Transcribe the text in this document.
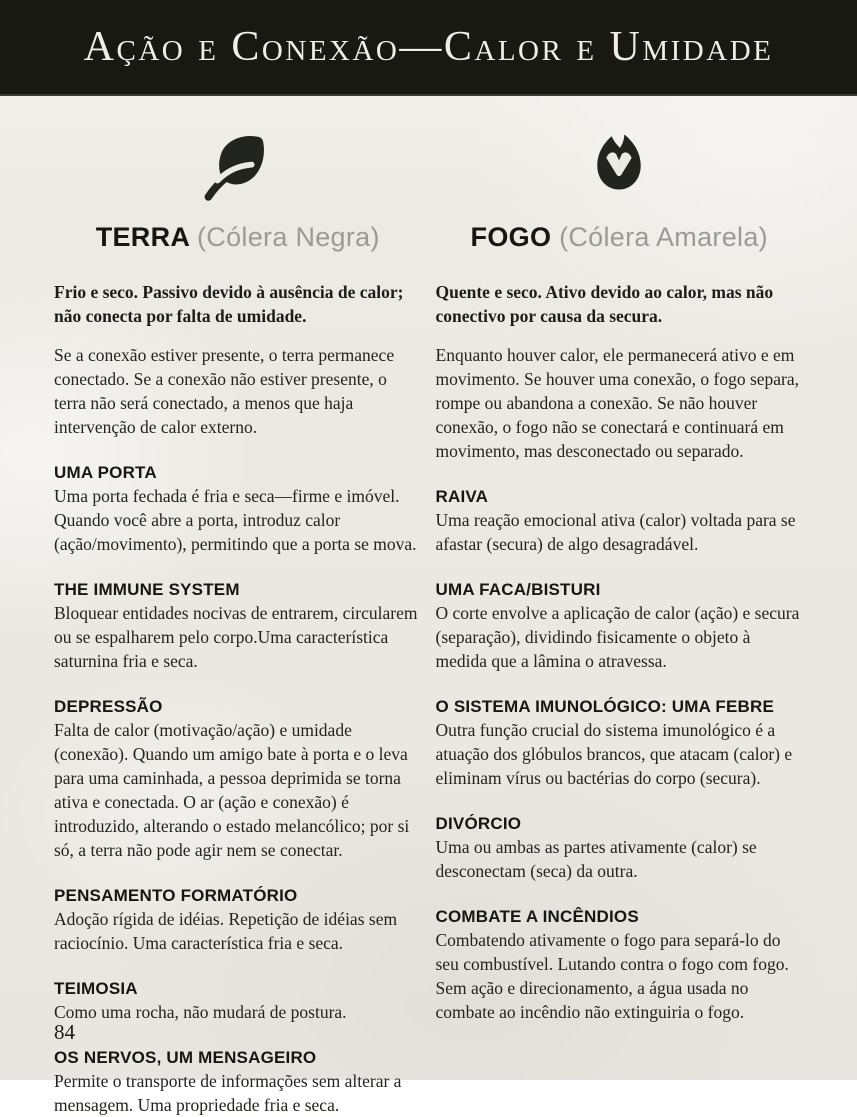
Ação e Conexão—Calor e Umidade
TERRA (Cólera Negra)

Frio e seco. Passivo devido à ausência de calor; não conecta por falta de umidade.

Se a conexão estiver presente, o terra permanece conectado. Se a conexão não estiver presente, o terra não será conectado, a menos que haja intervenção de calor externo.

UMA PORTA

Uma porta fechada é fria e seca—firme e imóvel. Quando você abre a porta, introduz calor (ação/movimento), permitindo que a porta se mova.

THE IMMUNE SYSTEM

Bloquear entidades nocivas de entrarem, circularem ou se espalharem pelo corpo.Uma característica saturnina fria e seca.

DEPRESSÃO

Falta de calor (motivação/ação) e umidade (conexão). Quando um amigo bate à porta e o leva para uma caminhada, a pessoa deprimida se torna ativa e conectada. O ar (ação e conexão) é introduzido, alterando o estado melancólico; por si só, a terra não pode agir nem se conectar.

PENSAMENTO FORMATÓRIO

Adoção rígida de idéias. Repetição de idéias sem raciocínio. Uma característica fria e seca.

TEIMOSIA

Como uma rocha, não mudará de postura.

OS NERVOS, UM MENSAGEIRO

Permite o transporte de informações sem alterar a mensagem. Uma propriedade fria e seca.

FOGO (Cólera Amarela)

Quente e seco. Ativo devido ao calor, mas não conectivo por causa da secura.

Enquanto houver calor, ele permanecerá ativo e em movimento. Se houver uma conexão, o fogo separa, rompe ou abandona a conexão. Se não houver conexão, o fogo não se conectará e continuará em movimento, mas desconectado ou separado.

RAIVA

Uma reação emocional ativa (calor) voltada para se afastar (secura) de algo desagradável.

UMA FACA/BISTURI

O corte envolve a aplicação de calor (ação) e secura (separação), dividindo fisicamente o objeto à medida que a lâmina o atravessa.

O SISTEMA IMUNOLÓGICO: UMA FEBRE

Outra função crucial do sistema imunológico é a atuação dos glóbulos brancos, que atacam (calor) e eliminam vírus ou bactérias do corpo (secura).

DIVÓRCIO

Uma ou ambas as partes ativamente (calor) se desconectam (seca) da outra.

COMBATE A INCÊNDIOS

Combatendo ativamente o fogo para separá-lo do seu combustível. Lutando contra o fogo com fogo. Sem ação e direcionamento, a água usada no combate ao incêndio não extinguiria o fogo.

84
